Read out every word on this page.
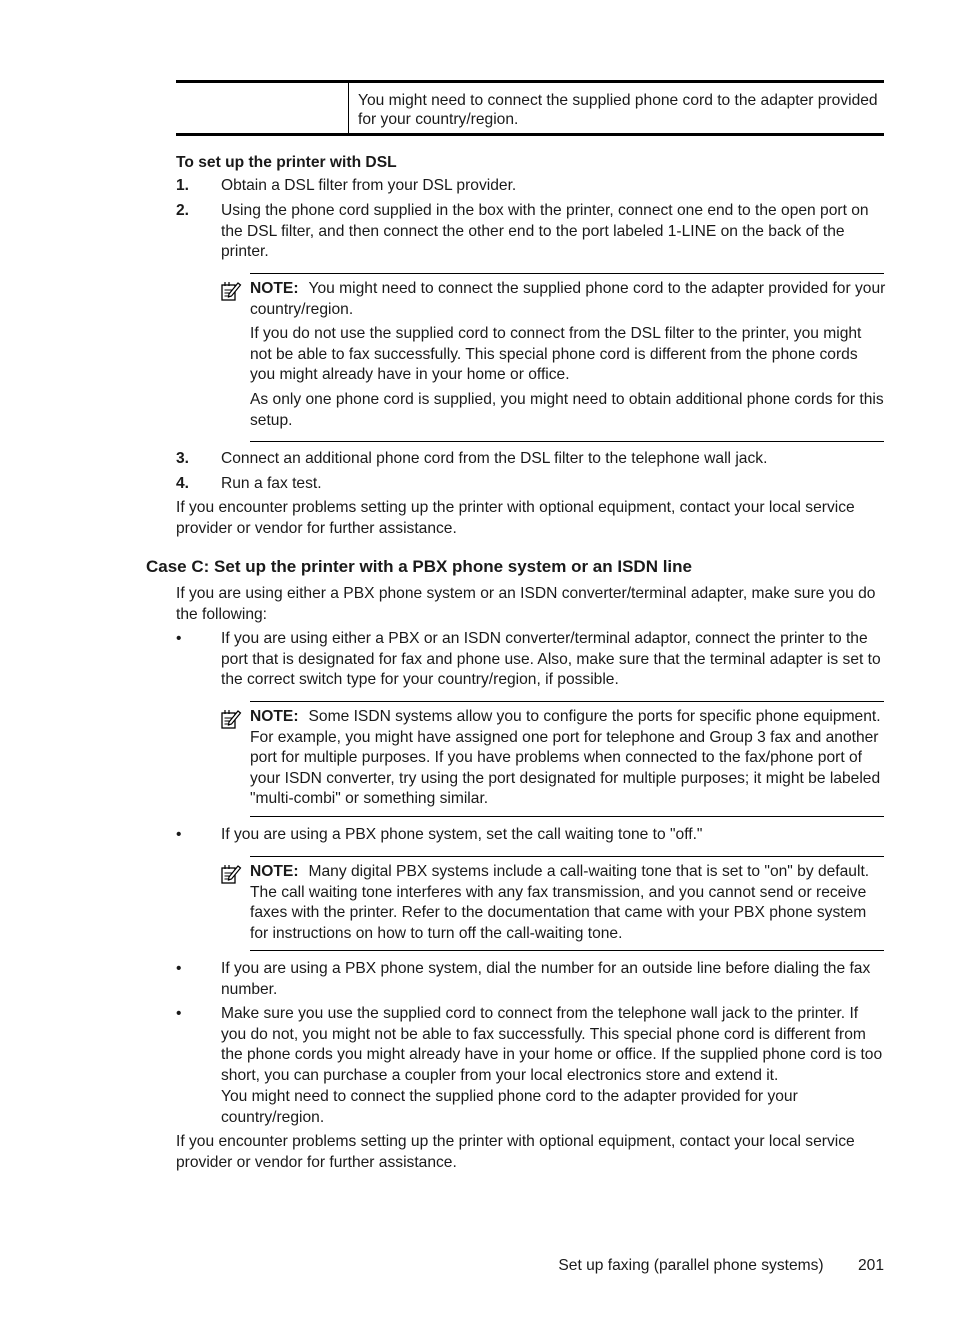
You might need to connect the supplied phone cord to the adapter provided for your country/region.
To set up the printer with DSL
1. Obtain a DSL filter from your DSL provider.
2. Using the phone cord supplied in the box with the printer, connect one end to the open port on the DSL filter, and then connect the other end to the port labeled 1-LINE on the back of the printer.

NOTE: You might need to connect the supplied phone cord to the adapter provided for your country/region.

If you do not use the supplied cord to connect from the DSL filter to the printer, you might not be able to fax successfully. This special phone cord is different from the phone cords you might already have in your home or office.

As only one phone cord is supplied, you might need to obtain additional phone cords for this setup.

3. Connect an additional phone cord from the DSL filter to the telephone wall jack.
4. Run a fax test.
If you encounter problems setting up the printer with optional equipment, contact your local service provider or vendor for further assistance.
Case C: Set up the printer with a PBX phone system or an ISDN line
If you are using either a PBX phone system or an ISDN converter/terminal adapter, make sure you do the following:
•	If you are using either a PBX or an ISDN converter/terminal adaptor, connect the printer to the port that is designated for fax and phone use. Also, make sure that the terminal adapter is set to the correct switch type for your country/region, if possible.

NOTE: Some ISDN systems allow you to configure the ports for specific phone equipment. For example, you might have assigned one port for telephone and Group 3 fax and another port for multiple purposes. If you have problems when connected to the fax/phone port of your ISDN converter, try using the port designated for multiple purposes; it might be labeled "multi-combi" or something similar.

•	If you are using a PBX phone system, set the call waiting tone to "off."

NOTE: Many digital PBX systems include a call-waiting tone that is set to "on" by default. The call waiting tone interferes with any fax transmission, and you cannot send or receive faxes with the printer. Refer to the documentation that came with your PBX phone system for instructions on how to turn off the call-waiting tone.

•	If you are using a PBX phone system, dial the number for an outside line before dialing the fax number.
•	Make sure you use the supplied cord to connect from the telephone wall jack to the printer. If you do not, you might not be able to fax successfully. This special phone cord is different from the phone cords you might already have in your home or office. If the supplied phone cord is too short, you can purchase a coupler from your local electronics store and extend it.
You might need to connect the supplied phone cord to the adapter provided for your country/region.
If you encounter problems setting up the printer with optional equipment, contact your local service provider or vendor for further assistance.
Set up faxing (parallel phone systems) 201
